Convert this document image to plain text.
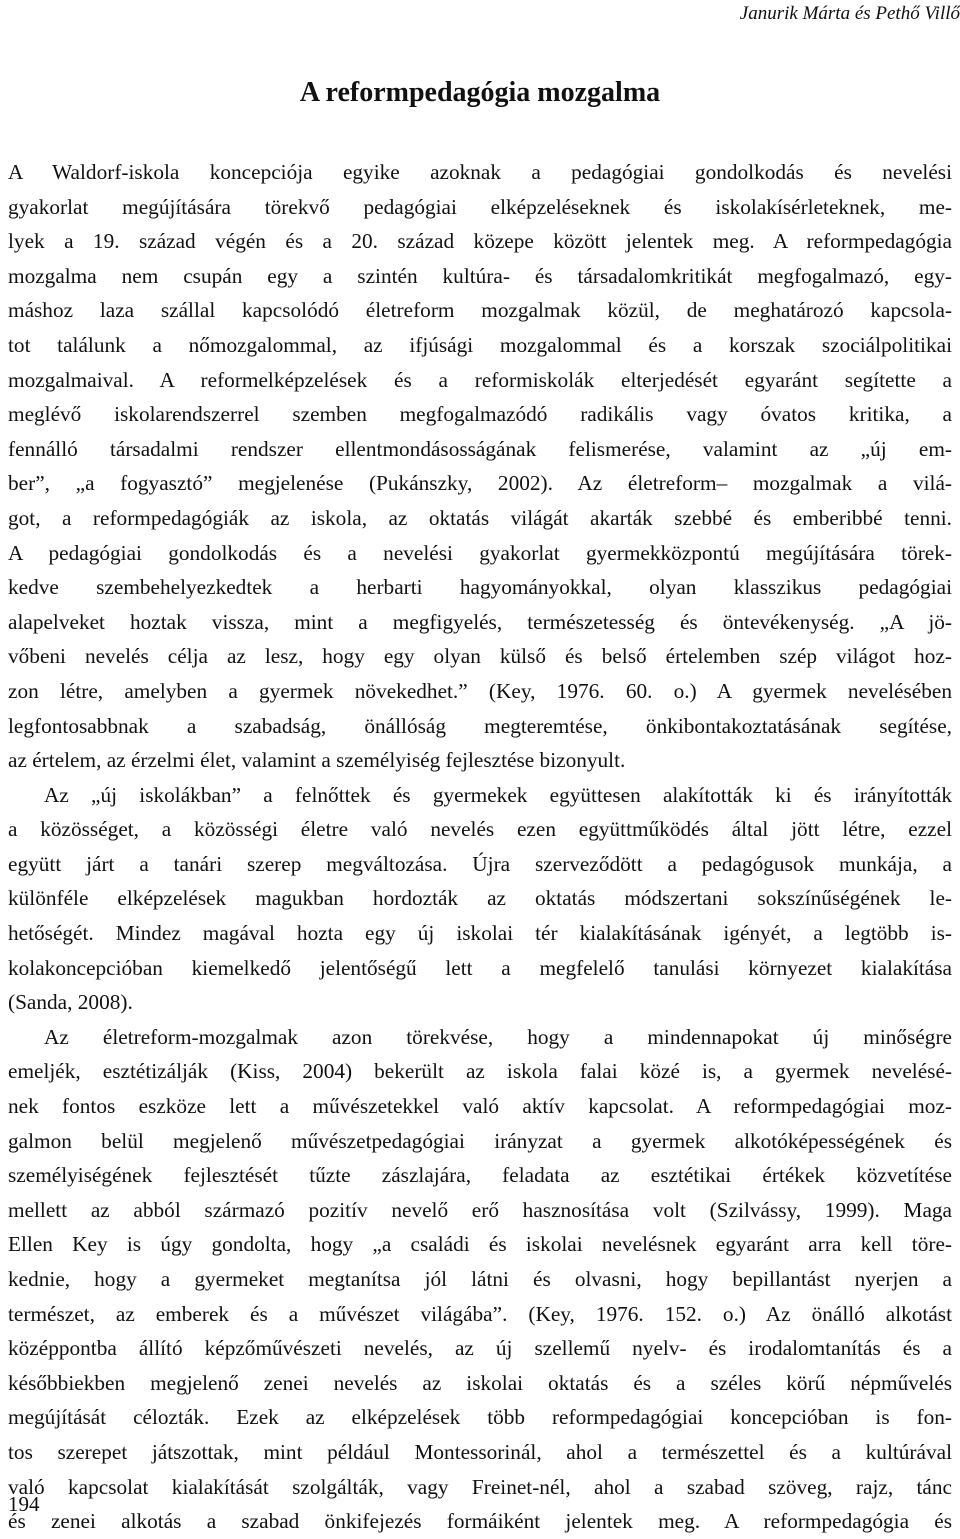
Janurik Márta és Pethő Villő
A reformpedagógia mozgalma
A Waldorf-iskola koncepciója egyike azoknak a pedagógiai gondolkodás és nevelési
gyakorlat megújítására törekvő pedagógiai elképzeléseknek és iskolakísérleteknek, me-
lyek a 19. század végén és a 20. század közepe között jelentek meg. A reformpedagógia
mozgalma nem csupán egy a szintén kultúra- és társadalomkritikát megfogalmazó, egy-
máshoz laza szállal kapcsolódó életreform mozgalmak közül, de meghatározó kapcsola-
tot találunk a nőmozgalommal, az ifjúsági mozgalommal és a korszak szociálpolitikai
mozgalmaival. A reformelképzelések és a reformiskolák elterjedését egyaránt segítette a
meglévő iskolarendszerrel szemben megfogalmazódó radikális vagy óvatos kritika, a
fennálló társadalmi rendszer ellentmondásosságának felismerése, valamint az „új em-
ber”, „a fogyasztó” megjelenése (Pukánszky, 2002). Az életreform– mozgalmak a vilá-
got, a reformpedagógiák az iskola, az oktatás világát akarták szebbé és emberibbé tenni.
A pedagógiai gondolkodás és a nevelési gyakorlat gyermekközpontú megújítására törek-
kedve szembehelyezkedtek a herbarti hagyományokkal, olyan klasszikus pedagógiai
alapelveket hoztak vissza, mint a megfigyelés, természetesség és öntevékenység. „A jö-
vőbeni nevelés célja az lesz, hogy egy olyan külső és belső értelemben szép világot hoz-
zon létre, amelyben a gyermek növekedhet.” (Key, 1976. 60. o.) A gyermek nevelésében
legfontosabbnak a szabadság, önállóság megteremtése, önkibontakoztatásának segítése,
az értelem, az érzelmi élet, valamint a személyiség fejlesztése bizonyult.
Az „új iskolákban” a felnőttek és gyermekek együttesen alakították ki és irányították
a közösséget, a közösségi életre való nevelés ezen együttműködés által jött létre, ezzel
együtt járt a tanári szerep megváltozása. Újra szerveződött a pedagógusok munkája, a
különféle elképzelések magukban hordozták az oktatás módszertani sokszínűségének le-
hetőségét. Mindez magával hozta egy új iskolai tér kialakításának igényét, a legtöbb is-
kolakoncepcióban kiemelkedő jelentőségű lett a megfelelő tanulási környezet kialakítása
(Sanda, 2008).
Az életreform-mozgalmak azon törekvése, hogy a mindennapokat új minőségre
emeljék, esztétizálják (Kiss, 2004) bekerült az iskola falai közé is, a gyermek nevelésé-
nek fontos eszköze lett a művészetekkel való aktív kapcsolat. A reformpedagógiai moz-
galmon belül megjelenő művészetpedagógiai irányzat a gyermek alkotóképességének és
személyiségének fejlesztését tűzte zászlajára, feladata az esztétikai értékek közvetítése
mellett az abból származó pozitív nevelő erő hasznosítása volt (Szilvássy, 1999). Maga
Ellen Key is úgy gondolta, hogy „a családi és iskolai nevelésnek egyaránt arra kell töre-
kednie, hogy a gyermeket megtanítsa jól látni és olvasni, hogy bepillantást nyerjen a
természet, az emberek és a művészet világába”. (Key, 1976. 152. o.) Az önálló alkotást
középpontba állító képzőművészeti nevelés, az új szellemű nyelv- és irodalomtanítás és a
későbbiekben megjelenő zenei nevelés az iskolai oktatás és a széles körű népművelés
megújítását célozták. Ezek az elképzelések több reformpedagógiai koncepcióban is fon-
tos szerepet játszottak, mint például Montessorinál, ahol a természettel és a kultúrával
való kapcsolat kialakítását szolgálták, vagy Freinet-nél, ahol a szabad szöveg, rajz, tánc
és zenei alkotás a szabad önkifejezés formáiként jelentek meg. A reformpedagógia és
194
